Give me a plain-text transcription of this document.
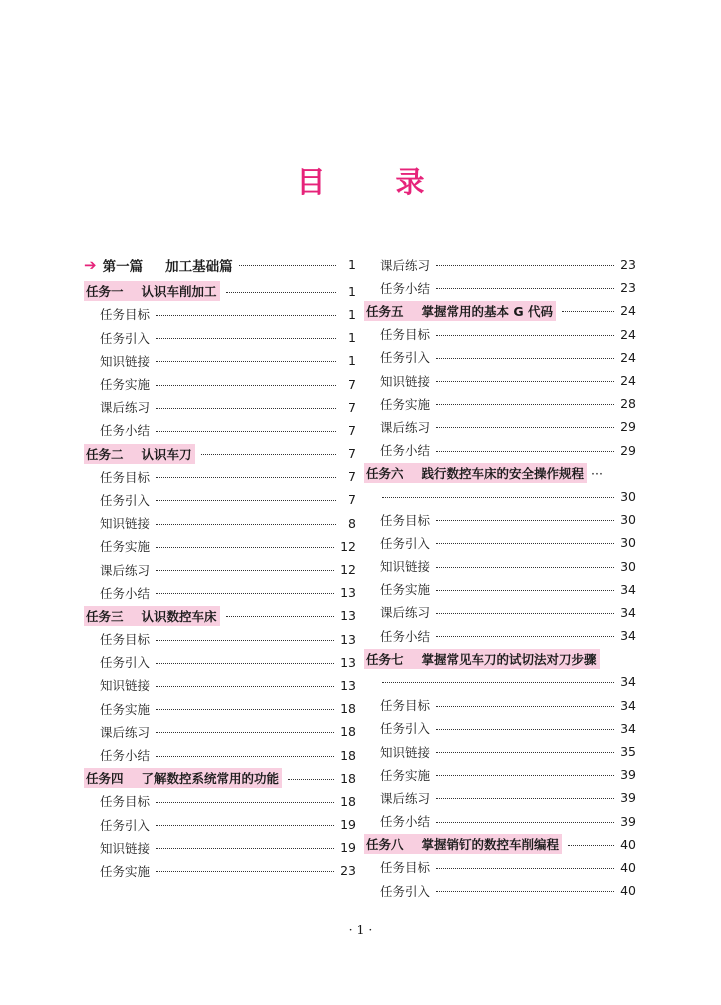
目 录
➔ 第一篇 加工基础篇	1
任务一 认识车削加工	1
任务目标	1
任务引入	1
知识链接	1
任务实施	7
课后练习	7
任务小结	7
任务二 认识车刀	7
任务目标	7
任务引入	7
知识链接	8
任务实施	12
课后练习	12
任务小结	13
任务三 认识数控车床	13
任务目标	13
任务引入	13
知识链接	13
任务实施	18
课后练习	18
任务小结	18
任务四 了解数控系统常用的功能	18
任务目标	18
任务引入	19
知识链接	19
任务实施	23
课后练习	23
任务小结	23
任务五 掌握常用的基本 G 代码	24
任务目标	24
任务引入	24
知识链接	24
任务实施	28
课后练习	29
任务小结	29
任务六 践行数控车床的安全操作规程 ···
30
任务目标	30
任务引入	30
知识链接	30
任务实施	34
课后练习	34
任务小结	34
任务七 掌握常见车刀的试切法对刀步骤
34
任务目标	34
任务引入	34
知识链接	35
任务实施	39
课后练习	39
任务小结	39
任务八 掌握销钉的数控车削编程	40
任务目标	40
任务引入	40
· 1 ·
